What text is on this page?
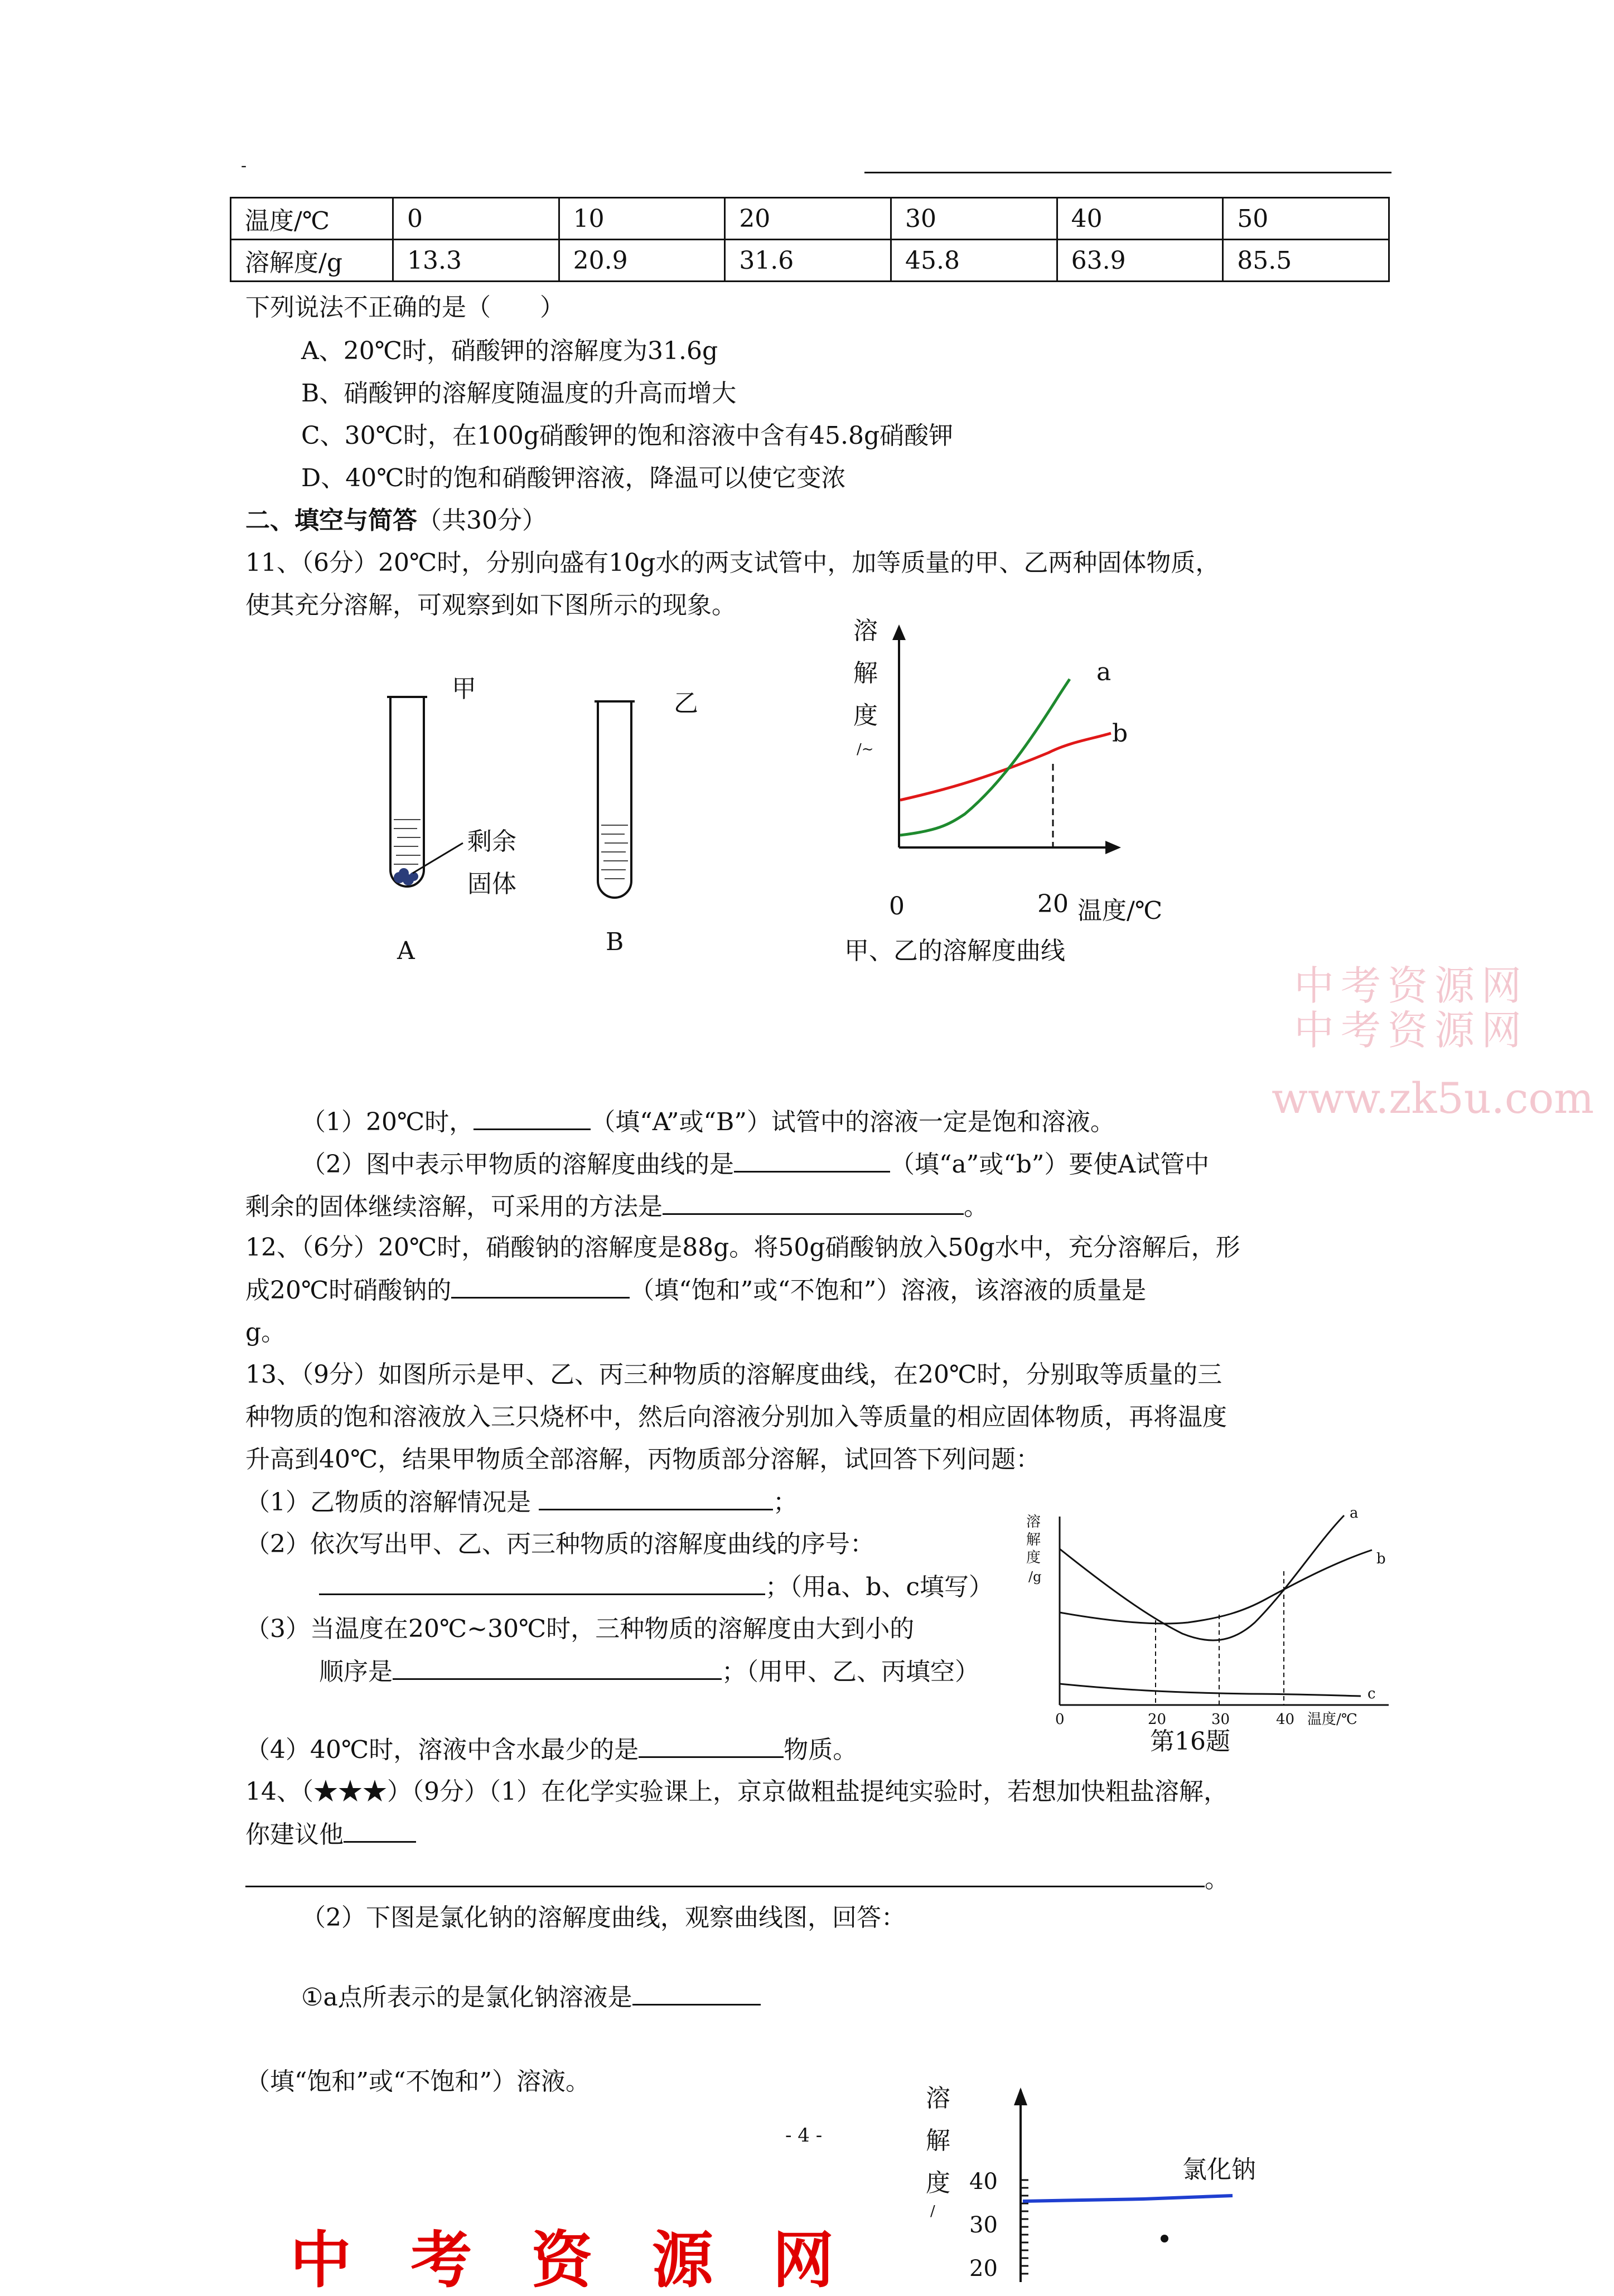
-
温度/℃	0	10	20	30	40	50
溶解度/g	13.3	20.9	31.6	45.8	63.9	85.5
下列说法不正确的是（　　）
A、20℃时，硝酸钾的溶解度为31.6g
B、硝酸钾的溶解度随温度的升高而增大
C、30℃时，在100g硝酸钾的饱和溶液中含有45.8g硝酸钾
D、40℃时的饱和硝酸钾溶液，降温可以使它变浓
二、填空与简答（共30分）
11、（6分）20℃时，分别向盛有10g水的两支试管中，加等质量的甲、乙两种固体物质，
使其充分溶解，可观察到如下图所示的现象。
甲
剩余
固体
A
乙
B
溶
解
度
/~
a
b
0	20 温度/℃
甲、乙的溶解度曲线
（1）20℃时，	（填“A”或“B”）试管中的溶液一定是饱和溶液。
（2）图中表示甲物质的溶解度曲线的是	（填“a”或“b”）要使A试管中
剩余的固体继续溶解，可采用的方法是	。
12、（6分）20℃时，硝酸钠的溶解度是88g。将50g硝酸钠放入50g水中，充分溶解后，形
成20℃时硝酸钠的	（填“饱和”或“不饱和”）溶液，该溶液的质量是
g。
13、（9分）如图所示是甲、乙、丙三种物质的溶解度曲线，在20℃时，分别取等质量的三
种物质的饱和溶液放入三只烧杯中，然后向溶液分别加入等质量的相应固体物质，再将温度
升高到40℃，结果甲物质全部溶解，丙物质部分溶解，试回答下列问题：
（1）乙物质的溶解情况是	；
（2）依次写出甲、乙、丙三种物质的溶解度曲线的序号：
；（用a、b、c填写）
（3）当温度在20℃~30℃时，三种物质的溶解度由大到小的
顺序是	；（用甲、乙、丙填空）
（4）40℃时，溶液中含水最少的是	物质。
溶
解
度
/g
a
b
c
0	20	30	40 温度/℃
第16题
14、（★★★）（9分）（1）在化学实验课上，京京做粗盐提纯实验时，若想加快粗盐溶解，
你建议他
。
（2）下图是氯化钠的溶解度曲线，观察曲线图，回答：
①a点所表示的是氯化钠溶液是
（填“饱和”或“不饱和”）溶液。
溶
解
度
/
40
30
20
氯化钠
- 4 -
中 考 资 源 网
中考资源网
中考资源网
www.zk5u.com
